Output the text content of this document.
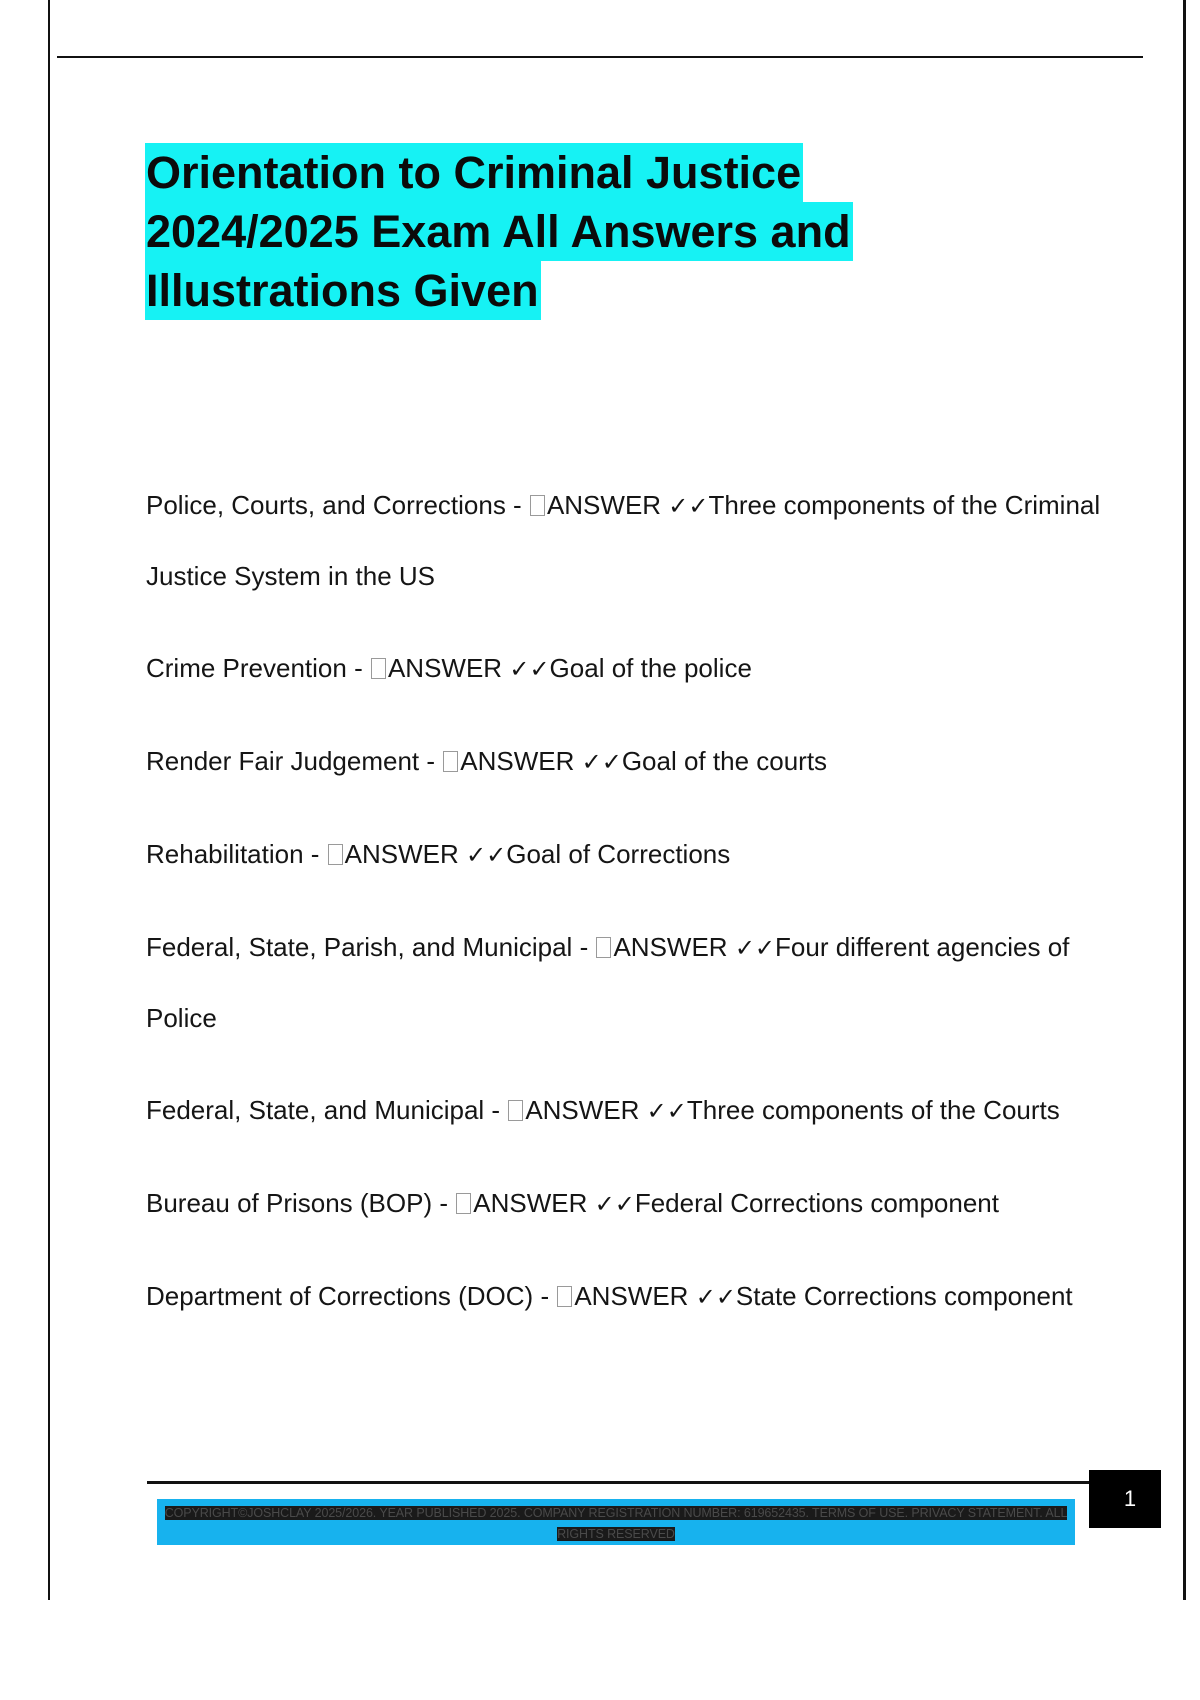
Orientation to Criminal Justice
2024/2025 Exam All Answers and
Illustrations Given

Police, Courts, and Corrections - ANSWER ✓✓Three components of the Criminal Justice System in the US

Crime Prevention - ANSWER ✓✓Goal of the police

Render Fair Judgement - ANSWER ✓✓Goal of the courts

Rehabilitation - ANSWER ✓✓Goal of Corrections

Federal, State, Parish, and Municipal - ANSWER ✓✓Four different agencies of Police

Federal, State, and Municipal - ANSWER ✓✓Three components of the Courts

Bureau of Prisons (BOP) - ANSWER ✓✓Federal Corrections component

Department of Corrections (DOC) - ANSWER ✓✓State Corrections component

COPYRIGHT©JOSHCLAY 2025/2026. YEAR PUBLISHED 2025. COMPANY REGISTRATION NUMBER: 619652435. TERMS OF USE. PRIVACY STATEMENT. ALL RIGHTS RESERVED
1
